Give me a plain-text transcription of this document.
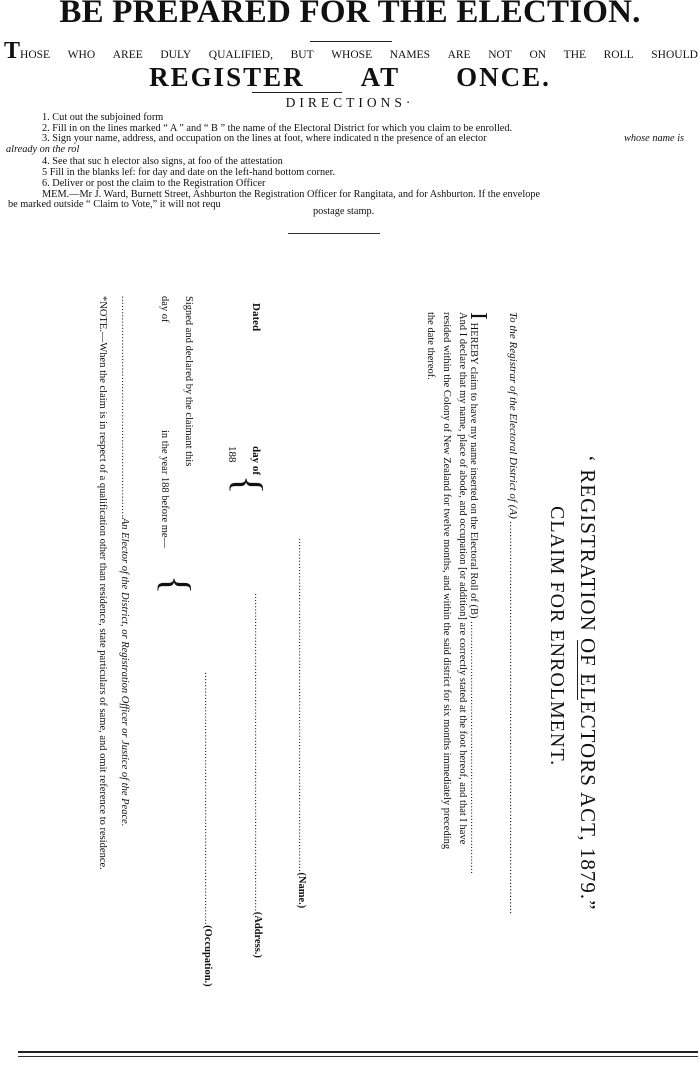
BE PREPARED FOR THE ELECTION.
THOSE WHO AREE DULY QUALIFIED, BUT WHOSE NAMES ARE NOT ON THE ROLL SHOULD
REGISTER AT ONCE.
DIRECTIONS·
1. Cut out the subjoined form
2. Fill in on the lines marked “ A ” and “ B ” the name of the Electoral District for which you claim to be enrolled.
3. Sign your name, address, and occupation on the lines at foot, where indicated n the presence of an elector	whose name is
already on the rol
4. See that suc h elector also signs, at foo of the attestation
5 Fill in the blanks lef: for day and date on the left-hand bottom corner.
6. Deliver or post the claim to the Registration Officer
MEM.—Mr J. Ward, Burnett Street, Ashburton the Registration Officer for Rangitata, and for Ashburton. If the envelope
be marked outside “ Claim to Vote,” it will not requ
postage stamp.
‘ REGISTRATION OF ELECTORS ACT, 1879.”
CLAIM FOR ENROLMENT.
To the Registrar of the Electoral District of (A) .........................................................................................................................
I HEREBY claim to have my name inserted on the Electoral Roll of (B) .................................................................................
And I declare that my name, place of abode, and occupation [or addition] are correctly stated at the foot hereof, and that I have
resided within the Colony of New Zealand for twelve months, and within the said district for six months immediately preceding
the date thereof.
...........................................................................................................(Name.)
......................................................................................................(Address.)
.................................................................................(Occupation.)
Dated
day of
188
{
Signed and declared by the claimant this
day of
in the year 188 before me—
{
.......................................................................An Elector of the District, or Registration Officer or Justice of the Peace.
*NOTE.—When the claim is in respect of a qualification other than residence, state particulars of same, and omit reference to residence.
